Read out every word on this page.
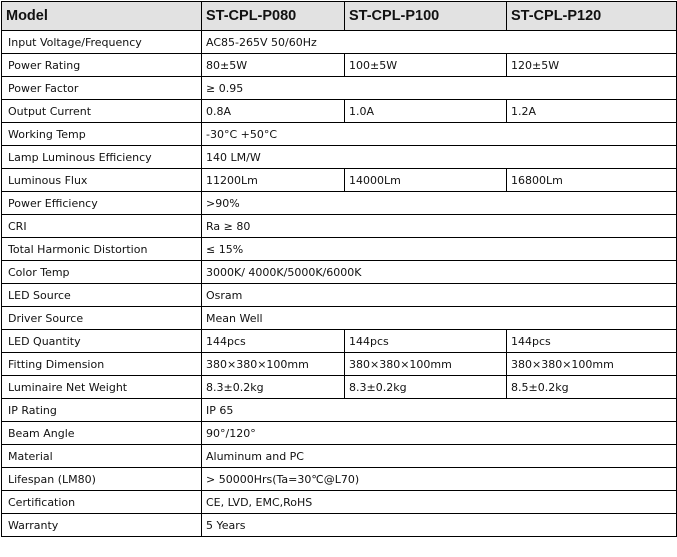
Model	ST-CPL-P080	ST-CPL-P100	ST-CPL-P120
Input Voltage/Frequency	AC85-265V 50/60Hz		
Power Rating	80±5W	100±5W	120±5W
Power Factor	≥ 0.95		
Output Current	0.8A	1.0A	1.2A
Working Temp	-30°C +50°C		
Lamp Luminous Efficiency	140 LM/W		
Luminous Flux	11200Lm	14000Lm	16800Lm
Power Efficiency	>90%		
CRI	Ra ≥ 80		
Total Harmonic Distortion	≤ 15%		
Color Temp	3000K/ 4000K/5000K/6000K		
LED Source	Osram		
Driver Source	Mean Well		
LED Quantity	144pcs	144pcs	144pcs
Fitting Dimension	380×380×100mm	380×380×100mm	380×380×100mm
Luminaire Net Weight	8.3±0.2kg	8.3±0.2kg	8.5±0.2kg
IP Rating	IP 65		
Beam Angle	90°/120°		
Material	Aluminum and PC		
Lifespan (LM80)	> 50000Hrs(Ta=30℃@L70)		
Certification	CE, LVD, EMC,RoHS		
Warranty	5 Years		
